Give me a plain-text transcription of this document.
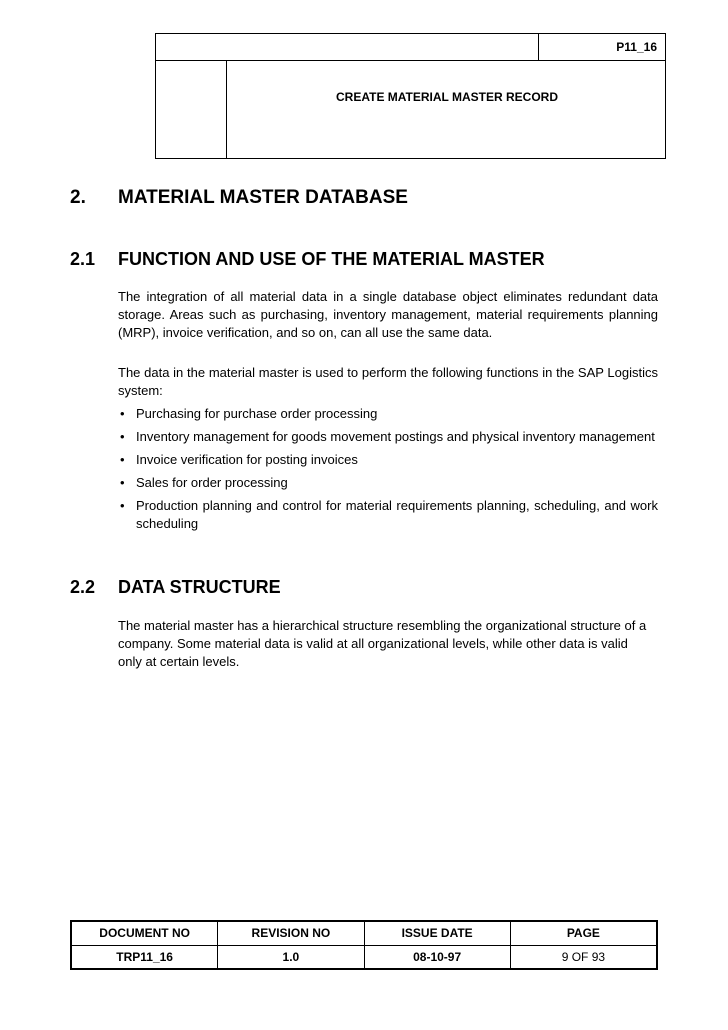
P11_16
CREATE MATERIAL MASTER RECORD
2. MATERIAL MASTER DATABASE
2.1 FUNCTION AND USE OF THE MATERIAL MASTER
The integration of all material data in a single database object eliminates redundant data storage. Areas such as purchasing, inventory management, material requirements planning (MRP), invoice verification, and so on, can all use the same data.
The data in the material master is used to perform the following functions in the SAP Logistics system:
• Purchasing for purchase order processing
• Inventory management for goods movement postings and physical inventory management
• Invoice verification for posting invoices
• Sales for order processing
• Production planning and control for material requirements planning, scheduling, and work scheduling
2.2 DATA STRUCTURE
The material master has a hierarchical structure resembling the organizational structure of a company. Some material data is valid at all organizational levels, while other data is valid only at certain levels.
DOCUMENT NO	REVISION NO	ISSUE DATE	PAGE
TRP11_16	1.0	08-10-97	9 OF 93
